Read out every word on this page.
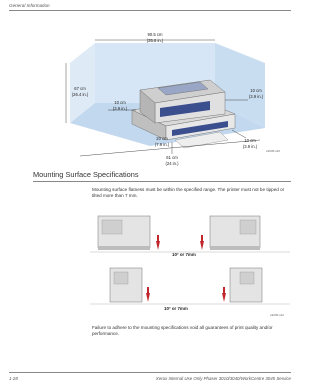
General Information
90.5 cm
(35.6 in.)
67 cm
(26.4 in.)
10 cm
(3.9 in.)
10 cm
(3.9 in.)
20 cm
(7.9 in.)
10 cm
(3.9 in.)
61 cm
(24 in.)
s3045-110
Mounting Surface Specifications

Mounting surface flatness must be within the specified range. The printer must not be tipped or tilted more than 7 mm.

10° or 7mm
10° or 7mm
s3045-112

Failure to adhere to the mounting specifications void all guarantees of print quality and/or performance.

1-28	Xerox Internal Use Only Phaser 3010/3040/WorkCentre 3045 Service
